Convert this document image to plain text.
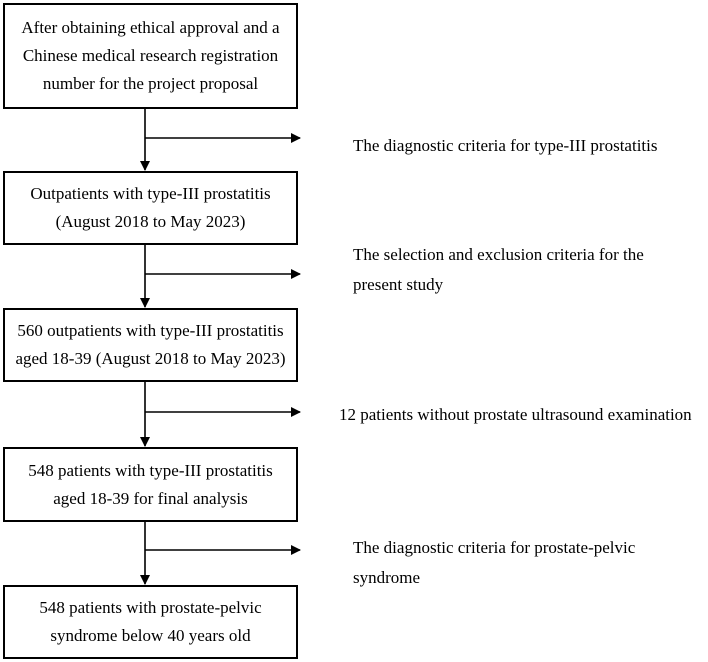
After obtaining ethical approval and a
Chinese medical research registration
number for the project proposal
Outpatients with type-III prostatitis
(August 2018 to May 2023)
560 outpatients with type-III prostatitis
aged 18-39 (August 2018 to May 2023)
548 patients with type-III prostatitis
aged 18-39 for final analysis
548 patients with prostate-pelvic
syndrome below 40 years old
The diagnostic criteria for type-III prostatitis
The selection and exclusion criteria for the
present study
12 patients without prostate ultrasound examination
The diagnostic criteria for prostate-pelvic
syndrome
